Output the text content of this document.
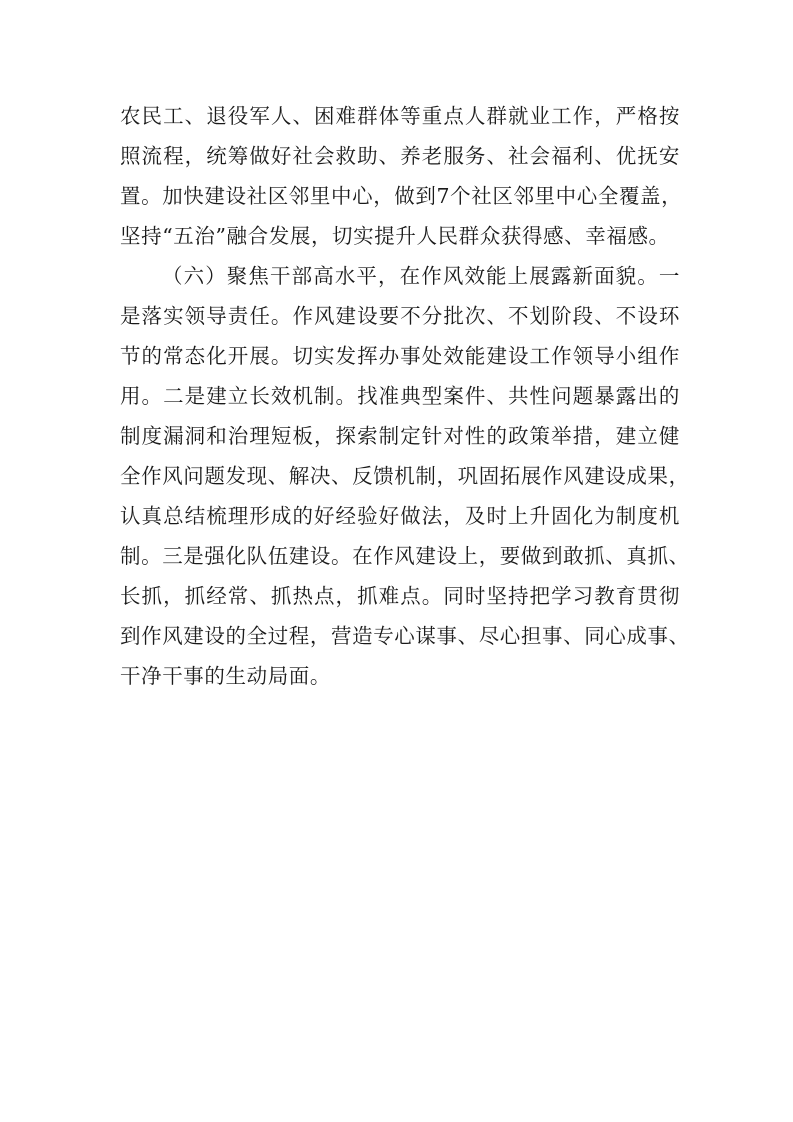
农民工、退役军人、困难群体等重点人群就业工作，严格按
照流程，统筹做好社会救助、养老服务、社会福利、优抚安
置。加快建设社区邻里中心，做到7个社区邻里中心全覆盖，
坚持“五治”融合发展，切实提升人民群众获得感、幸福感。
（六）聚焦干部高水平，在作风效能上展露新面貌。一
是落实领导责任。作风建设要不分批次、不划阶段、不设环
节的常态化开展。切实发挥办事处效能建设工作领导小组作
用。二是建立长效机制。找准典型案件、共性问题暴露出的
制度漏洞和治理短板，探索制定针对性的政策举措，建立健
全作风问题发现、解决、反馈机制，巩固拓展作风建设成果，
认真总结梳理形成的好经验好做法，及时上升固化为制度机
制。三是强化队伍建设。在作风建设上，要做到敢抓、真抓、
长抓，抓经常、抓热点，抓难点。同时坚持把学习教育贯彻
到作风建设的全过程，营造专心谋事、尽心担事、同心成事、
干净干事的生动局面。
